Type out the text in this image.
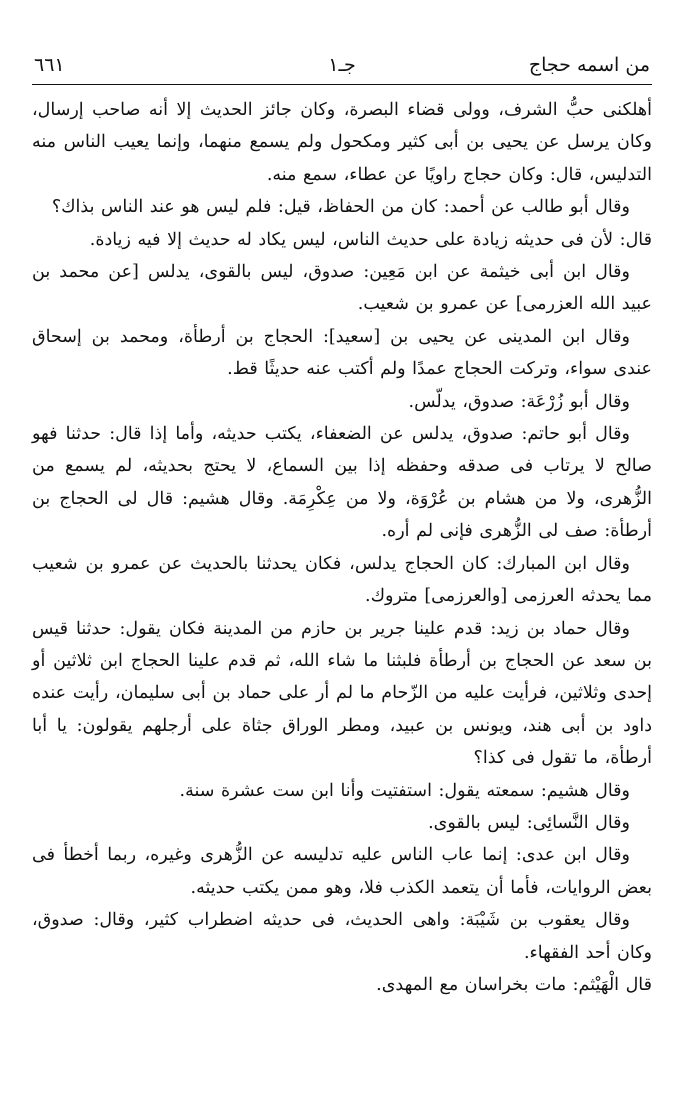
من اسمه حجاج
جـ١
٦٦١

أهلكنى حبُّ الشرف، وولى قضاء البصرة، وكان جائز الحديث إلا أنه صاحب إرسال، وكان يرسل عن يحيى بن أبى كثير ومكحول ولم يسمع منهما، وإنما يعيب الناس منه التدليس، قال: وكان حجاج راويًا عن عطاء، سمع منه.

وقال أبو طالب عن أحمد: كان من الحفاظ، قيل: فلم ليس هو عند الناس بذاك؟

قال: لأن فى حديثه زيادة على حديث الناس، ليس يكاد له حديث إلا فيه زيادة.

وقال ابن أبى خيثمة عن ابن مَعِين: صدوق، ليس بالقوى، يدلس [عن محمد بن عبيد الله العزرمى] عن عمرو بن شعيب.

وقال ابن المدينى عن يحيى بن [سعيد]: الحجاج بن أرطأة، ومحمد بن إسحاق عندى سواء، وتركت الحجاج عمدًا ولم أكتب عنه حديثًا قط.

وقال أبو زُرْعَة: صدوق، يدلّس.

وقال أبو حاتم: صدوق، يدلس عن الضعفاء، يكتب حديثه، وأما إذا قال: حدثنا فهو صالح لا يرتاب فى صدقه وحفظه إذا بين السماع، لا يحتج بحديثه، لم يسمع من الزُّهرى، ولا من هشام بن عُرْوَة، ولا من عِكْرِمَة. وقال هشيم: قال لى الحجاج بن أرطأة: صف لى الزُّهرى فإنى لم أره.

وقال ابن المبارك: كان الحجاج يدلس، فكان يحدثنا بالحديث عن عمرو بن شعيب مما يحدثه العرزمى [والعرزمى] متروك.

وقال حماد بن زيد: قدم علينا جرير بن حازم من المدينة فكان يقول: حدثنا قيس بن سعد عن الحجاج بن أرطأة فلبثنا ما شاء الله، ثم قدم علينا الحجاج ابن ثلاثين أو إحدى وثلاثين، فرأيت عليه من الزّحام ما لم أر على حماد بن أبى سليمان، رأيت عنده داود بن أبى هند، ويونس بن عبيد، ومطر الوراق جثاة على أرجلهم يقولون: يا أبا أرطأة، ما تقول فى كذا؟

وقال هشيم: سمعته يقول: استفتيت وأنا ابن ست عشرة سنة.

وقال النَّسائِى: ليس بالقوى.

وقال ابن عدى: إنما عاب الناس عليه تدليسه عن الزُّهرى وغيره، ربما أخطأ فى بعض الروايات، فأما أن يتعمد الكذب فلا، وهو ممن يكتب حديثه.

وقال يعقوب بن شَيْبَة: واهى الحديث، فى حديثه اضطراب كثير، وقال: صدوق، وكان أحد الفقهاء.

قال الْهَيْثم: مات بخراسان مع المهدى.
